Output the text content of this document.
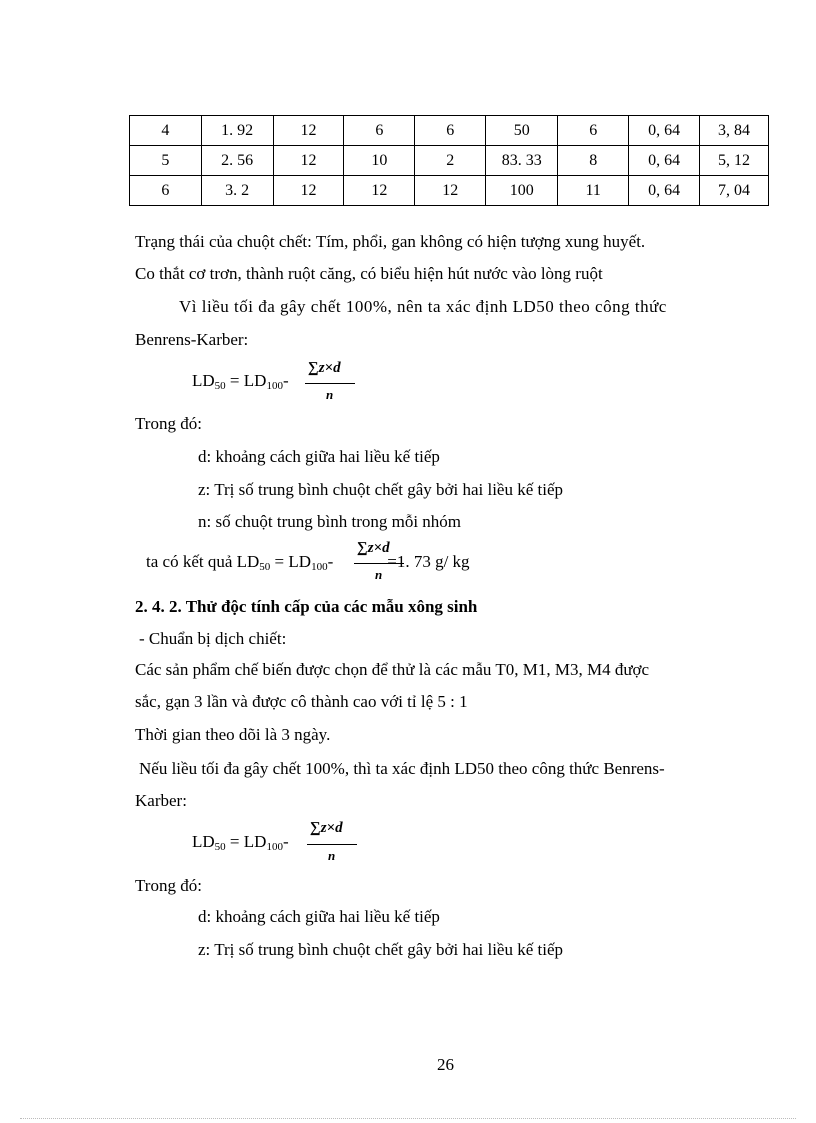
4	1. 92	12	6	6	50	6	0, 64	3, 84
5	2. 56	12	10	2	83. 33	8	0, 64	5, 12
6	3. 2	12	12	12	100	11	0, 64	7, 04
Trạng thái của chuột chết: Tím, phổi, gan không có hiện tượng xung huyết.
Co thắt cơ trơn, thành ruột căng, có biểu hiện hút nước vào lòng ruột
Vì liều tối đa gây chết 100%, nên ta xác định LD50 theo công thức
Benrens-Karber:
$LD_{50} = LD_{100}-$
∑z×d
n
Trong đó:
d: khoảng cách giữa hai liều kế tiếp
z: Trị số trung bình chuột chết gây bởi hai liều kế tiếp
n: số chuột trung bình trong mỗi nhóm
ta có kết quả $LD_{50} = LD_{100}-$	=1. 73 g/ kg
∑z×d
n
2. 4. 2. Thử độc tính cấp của các mẫu xông sinh
- Chuẩn bị dịch chiết:
Các sản phẩm chế biến được chọn để thử là các mẫu T0, M1, M3, M4 được
sắc, gạn 3 lần và được cô thành cao với tỉ lệ 5 : 1
Thời gian theo dõi là 3 ngày.
Nếu liều tối đa gây chết 100%, thì ta xác định LD50 theo công thức Benrens-
Karber:
$LD_{50} = LD_{100}-$
∑z×d
n
Trong đó:
d: khoảng cách giữa hai liều kế tiếp
z: Trị số trung bình chuột chết gây bởi hai liều kế tiếp
26
